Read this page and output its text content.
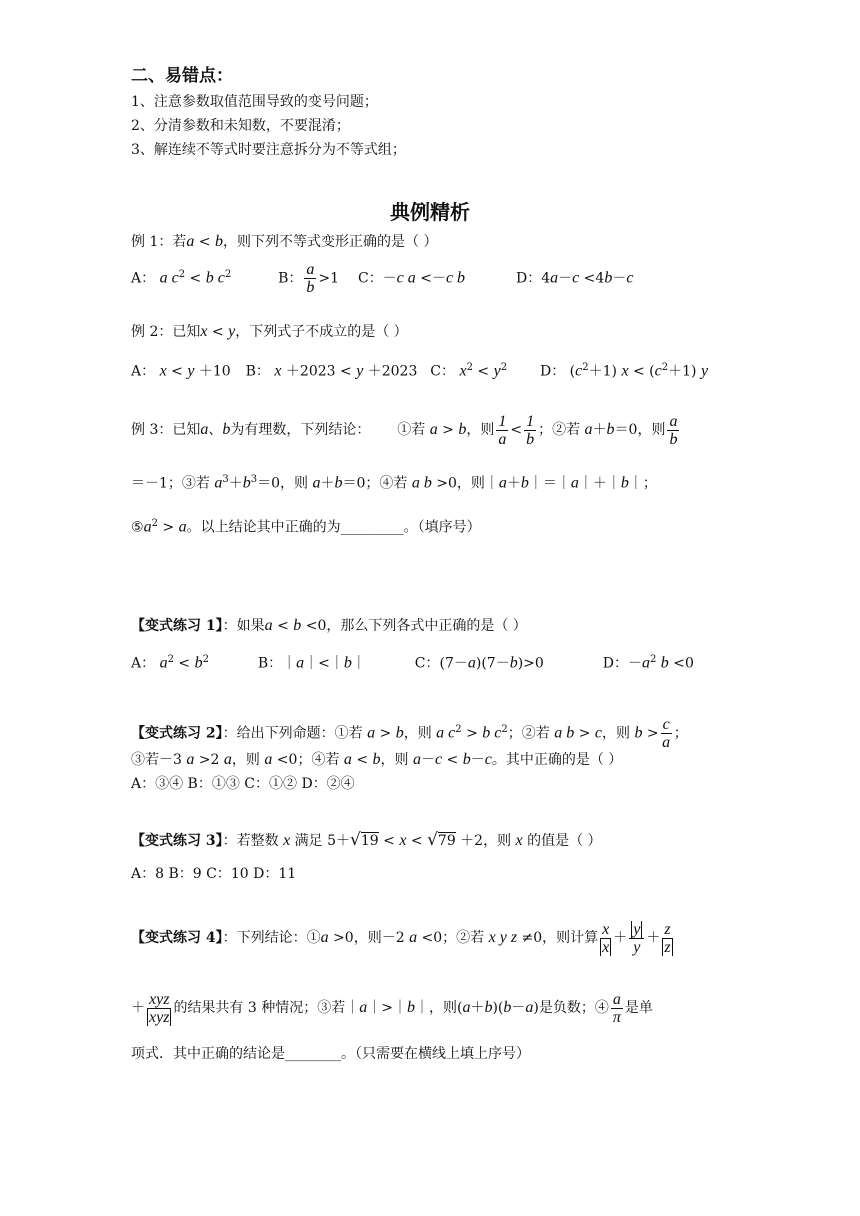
二、易错点：
1、注意参数取值范围导致的变号问题；
2、分清参数和未知数，不要混淆；
3、解连续不等式时要注意拆分为不等式组；
典例精析
例 1：若a < b，则下列不等式变形正确的是（ ）
A： a $c^2 < b$ $c^2$	B： $\frac{a}{b} >1$  C：－c a <－c b	D：4a－c <4b－c
例 2：已知x < y，下列式子不成立的是（ ）
A： x < y ＋10  B： x ＋2023 < y ＋2023  C： $x^2 < y^2$ D： $(c^2+1) x < (c^2+1)$ y
例 3：已知a、b为有理数，下列结论：  ①若 a > b，则 $\frac{1}{a} < \frac{1}{b}$ ；②若 a＋b＝0，则 $\frac{a}{b}$
＝－1；③若 $a^3+b^3=0$，则 a＋b＝0；④若 a b >0，则｜a＋b｜＝｜a｜＋｜b｜；
$⑤a^2 > a$。以上结论其中正确的为_________。（填序号）
【变式练习 1】：如果a < b <0，那么下列各式中正确的是（ ）
A： $a^2 < b^2$	B：｜a｜<｜b｜	C：(7－a)(7－b)>0	D：$-a^2$ b <0
【变式练习 2】：给出下列命题：①若 a > b，则 a $c^2 > b$ $c^2$；②若 a b > c，则 $b > \frac{c}{a}$ ；
③若－3 a >2 a，则 a <0；④若 a < b，则 a－c < b－c。其中正确的是（ ）
A：③④ B：①③ C：①② D：②④
【变式练习 3】：若整数 x 满足 5＋√19 < x < √79 ＋2，则 x 的值是（ ）
A：8 B：9 C：10 D：11
【变式练习 4】：下列结论：①a >0，则－2 a <0；②若 x y z ≠0，则计算 $\frac{x}{x} + \frac{y}{y} + \frac{z}{z}$
＋ $\frac{\text{xyz}}{\text{xyz}}$ 的结果共有 3 种情况；③若｜a｜>｜b｜，则(a＋b)(b－a)是负数；④ $\frac{a}{\pi}$ 是单
项式．其中正确的结论是________。（只需要在横线上填上序号）
